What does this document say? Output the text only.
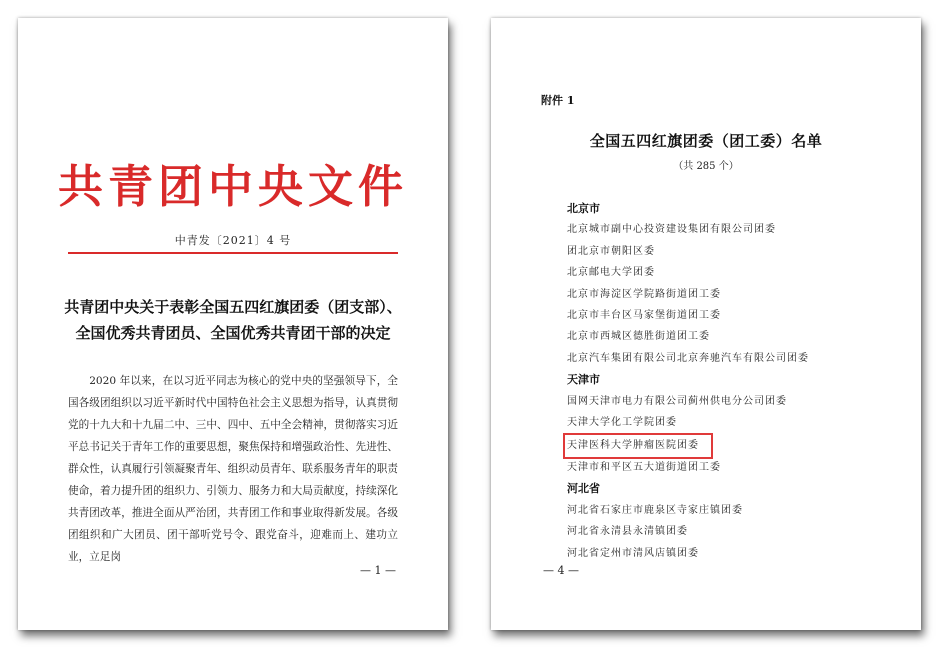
共青团中央文件
中青发〔2021〕4 号
共青团中央关于表彰全国五四红旗团委（团支部）、
全国优秀共青团员、全国优秀共青团干部的决定

2020 年以来，在以习近平同志为核心的党中央的坚强领导下，全国各级团组织以习近平新时代中国特色社会主义思想为指导，认真贯彻党的十九大和十九届二中、三中、四中、五中全会精神，贯彻落实习近平总书记关于青年工作的重要思想，聚焦保持和增强政治性、先进性、群众性，认真履行引领凝聚青年、组织动员青年、联系服务青年的职责使命，着力提升团的组织力、引领力、服务力和大局贡献度，持续深化共青团改革，推进全面从严治团，共青团工作和事业取得新发展。各级团组织和广大团员、团干部听党号令、跟党奋斗，迎难而上、建功立业，立足岗

— 1 —
附件 1
全国五四红旗团委（团工委）名单
（共 285 个）
北京市
北京城市副中心投资建设集团有限公司团委
团北京市朝阳区委
北京邮电大学团委
北京市海淀区学院路街道团工委
北京市丰台区马家堡街道团工委
北京市西城区德胜街道团工委
北京汽车集团有限公司北京奔驰汽车有限公司团委
天津市
国网天津市电力有限公司蓟州供电分公司团委
天津大学化工学院团委
天津医科大学肿瘤医院团委
天津市和平区五大道街道团工委
河北省
河北省石家庄市鹿泉区寺家庄镇团委
河北省永清县永清镇团委
河北省定州市清风店镇团委
— 4 —
